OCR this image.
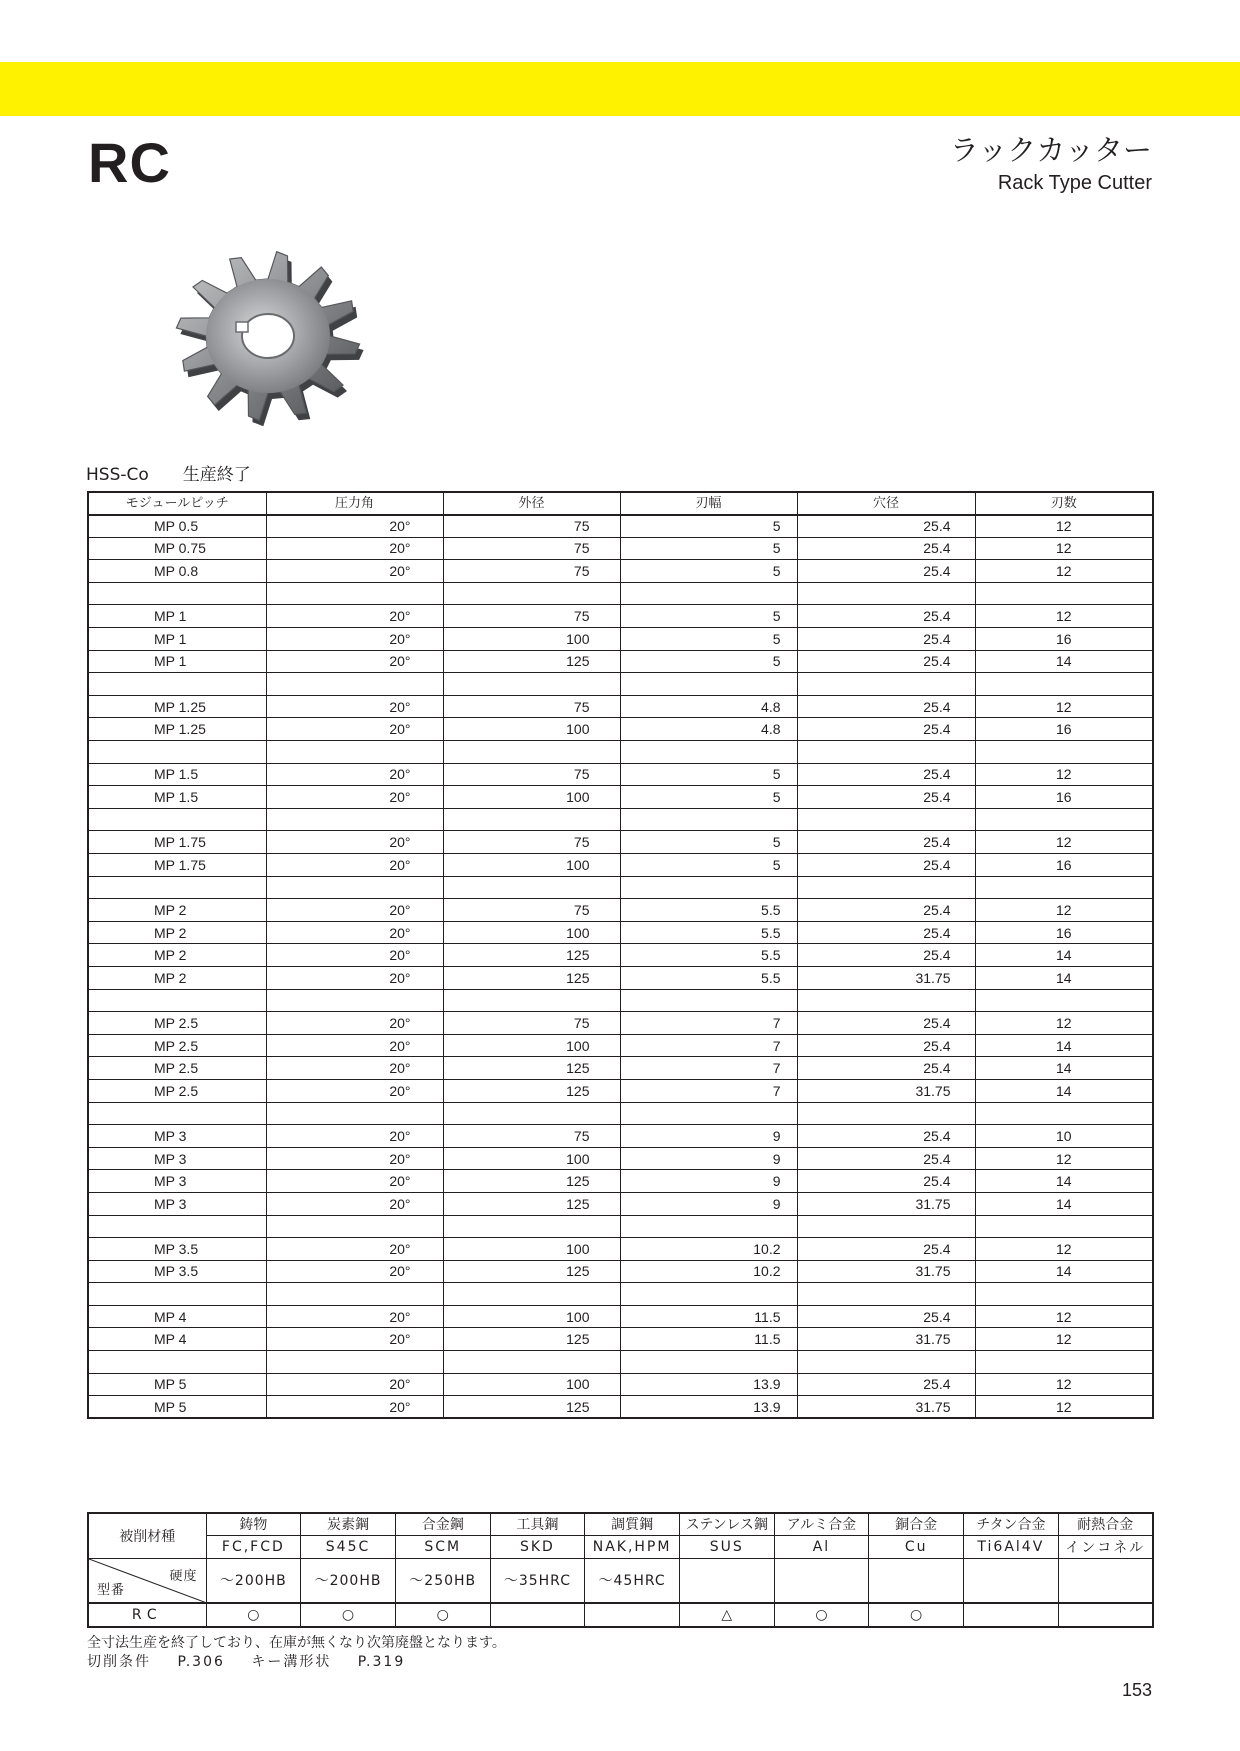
RC	ラックカッター
Rack Type Cutter
HSS-Co 生産終了
モジュールピッチ	圧力角	外径	刃幅	穴径	刃数
MP 0.5	20°	75	5	25.4	12
MP 0.75	20°	75	5	25.4	12
MP 0.8	20°	75	5	25.4	12

MP 1	20°	75	5	25.4	12
MP 1	20°	100	5	25.4	16
MP 1	20°	125	5	25.4	14

MP 1.25	20°	75	4.8	25.4	12
MP 1.25	20°	100	4.8	25.4	16

MP 1.5	20°	75	5	25.4	12
MP 1.5	20°	100	5	25.4	16

MP 1.75	20°	75	5	25.4	12
MP 1.75	20°	100	5	25.4	16

MP 2	20°	75	5.5	25.4	12
MP 2	20°	100	5.5	25.4	16
MP 2	20°	125	5.5	25.4	14
MP 2	20°	125	5.5	31.75	14

MP 2.5	20°	75	7	25.4	12
MP 2.5	20°	100	7	25.4	14
MP 2.5	20°	125	7	25.4	14
MP 2.5	20°	125	7	31.75	14

MP 3	20°	75	9	25.4	10
MP 3	20°	100	9	25.4	12
MP 3	20°	125	9	25.4	14
MP 3	20°	125	9	31.75	14

MP 3.5	20°	100	10.2	25.4	12
MP 3.5	20°	125	10.2	31.75	14

MP 4	20°	100	11.5	25.4	12
MP 4	20°	125	11.5	31.75	12

MP 5	20°	100	13.9	25.4	12
MP 5	20°	125	13.9	31.75	12
被削材種	鋳物	炭素鋼	合金鋼	工具鋼	調質鋼	ステンレス鋼	アルミ合金	銅合金	チタン合金	耐熱合金
	FC,FCD	S45C	SCM	SKD	NAK,HPM	SUS	Al	Cu	Ti6Al4V	インコネル

硬度
型番	〜200HB	〜200HB	〜250HB	〜35HRC	〜45HRC					
RC	○	○	○			△	○	○		
全寸法生産を終了しており、在庫が無くなり次第廃盤となります。
切削条件 P.306 キー溝形状 P.319
153
